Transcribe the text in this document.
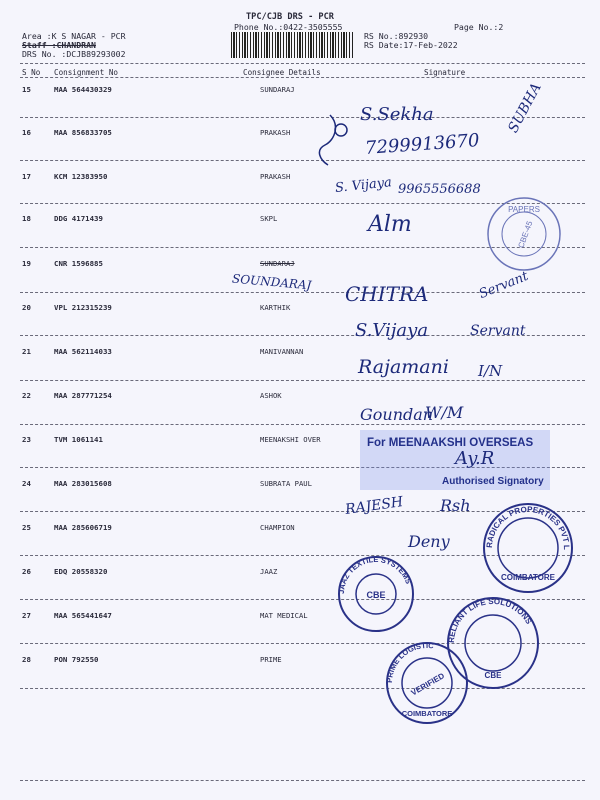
TPC/CJB DRS - PCR
Phone No.:0422-3505555	Page No.:2
Area :K S NAGAR - PCR
Staff :CHANDRAN
DRS No. :DCJB89293002
RS No.:892930
RS Date:17-Feb-2022
S No Consignment No	Consignee Details	Signature
15	MAA 564430329	SUNDARAJ
16	MAA 856833705	PRAKASH
17	KCM 12383950	PRAKASH
18	DDG 4171439	SKPL
19	CNR 1596885	SUNDARAJ
20	VPL 212315239	KARTHIK
21	MAA 562114033	MANIVANNAN
22	MAA 287771254	ASHOK
23	TVM 1061141	MEENAKSHI OVER
24	MAA 283015608	SUBRATA PAUL
25	MAA 285606719	CHAMPION
26	EDQ 20558320	JAAZ
27	MAA 565441647	MAT MEDICAL
28	PON 792550	PRIME
S.Sekha
7299913670
SUBHA
S. Vijaya 9965556688
Alm
SOUNDARAJ CHITRA	Servant
S.Vijaya	Servant
Rajamani I/N
Goundan
W/M
For MEENAAKSHI OVERSEAS
Ay.R
Authorised Signatory
RAJESH Rsh
Deny
PAPERS
CBE-45
RADICAL PROPERTIES PVT LTD
COIMBATORE
JAAZ TEXTILE SYSTEMS
CBE
RELIANT LIFE SOLUTIONS
CBE
PRIME LOGISTIC
VERIFIED
COIMBATORE
